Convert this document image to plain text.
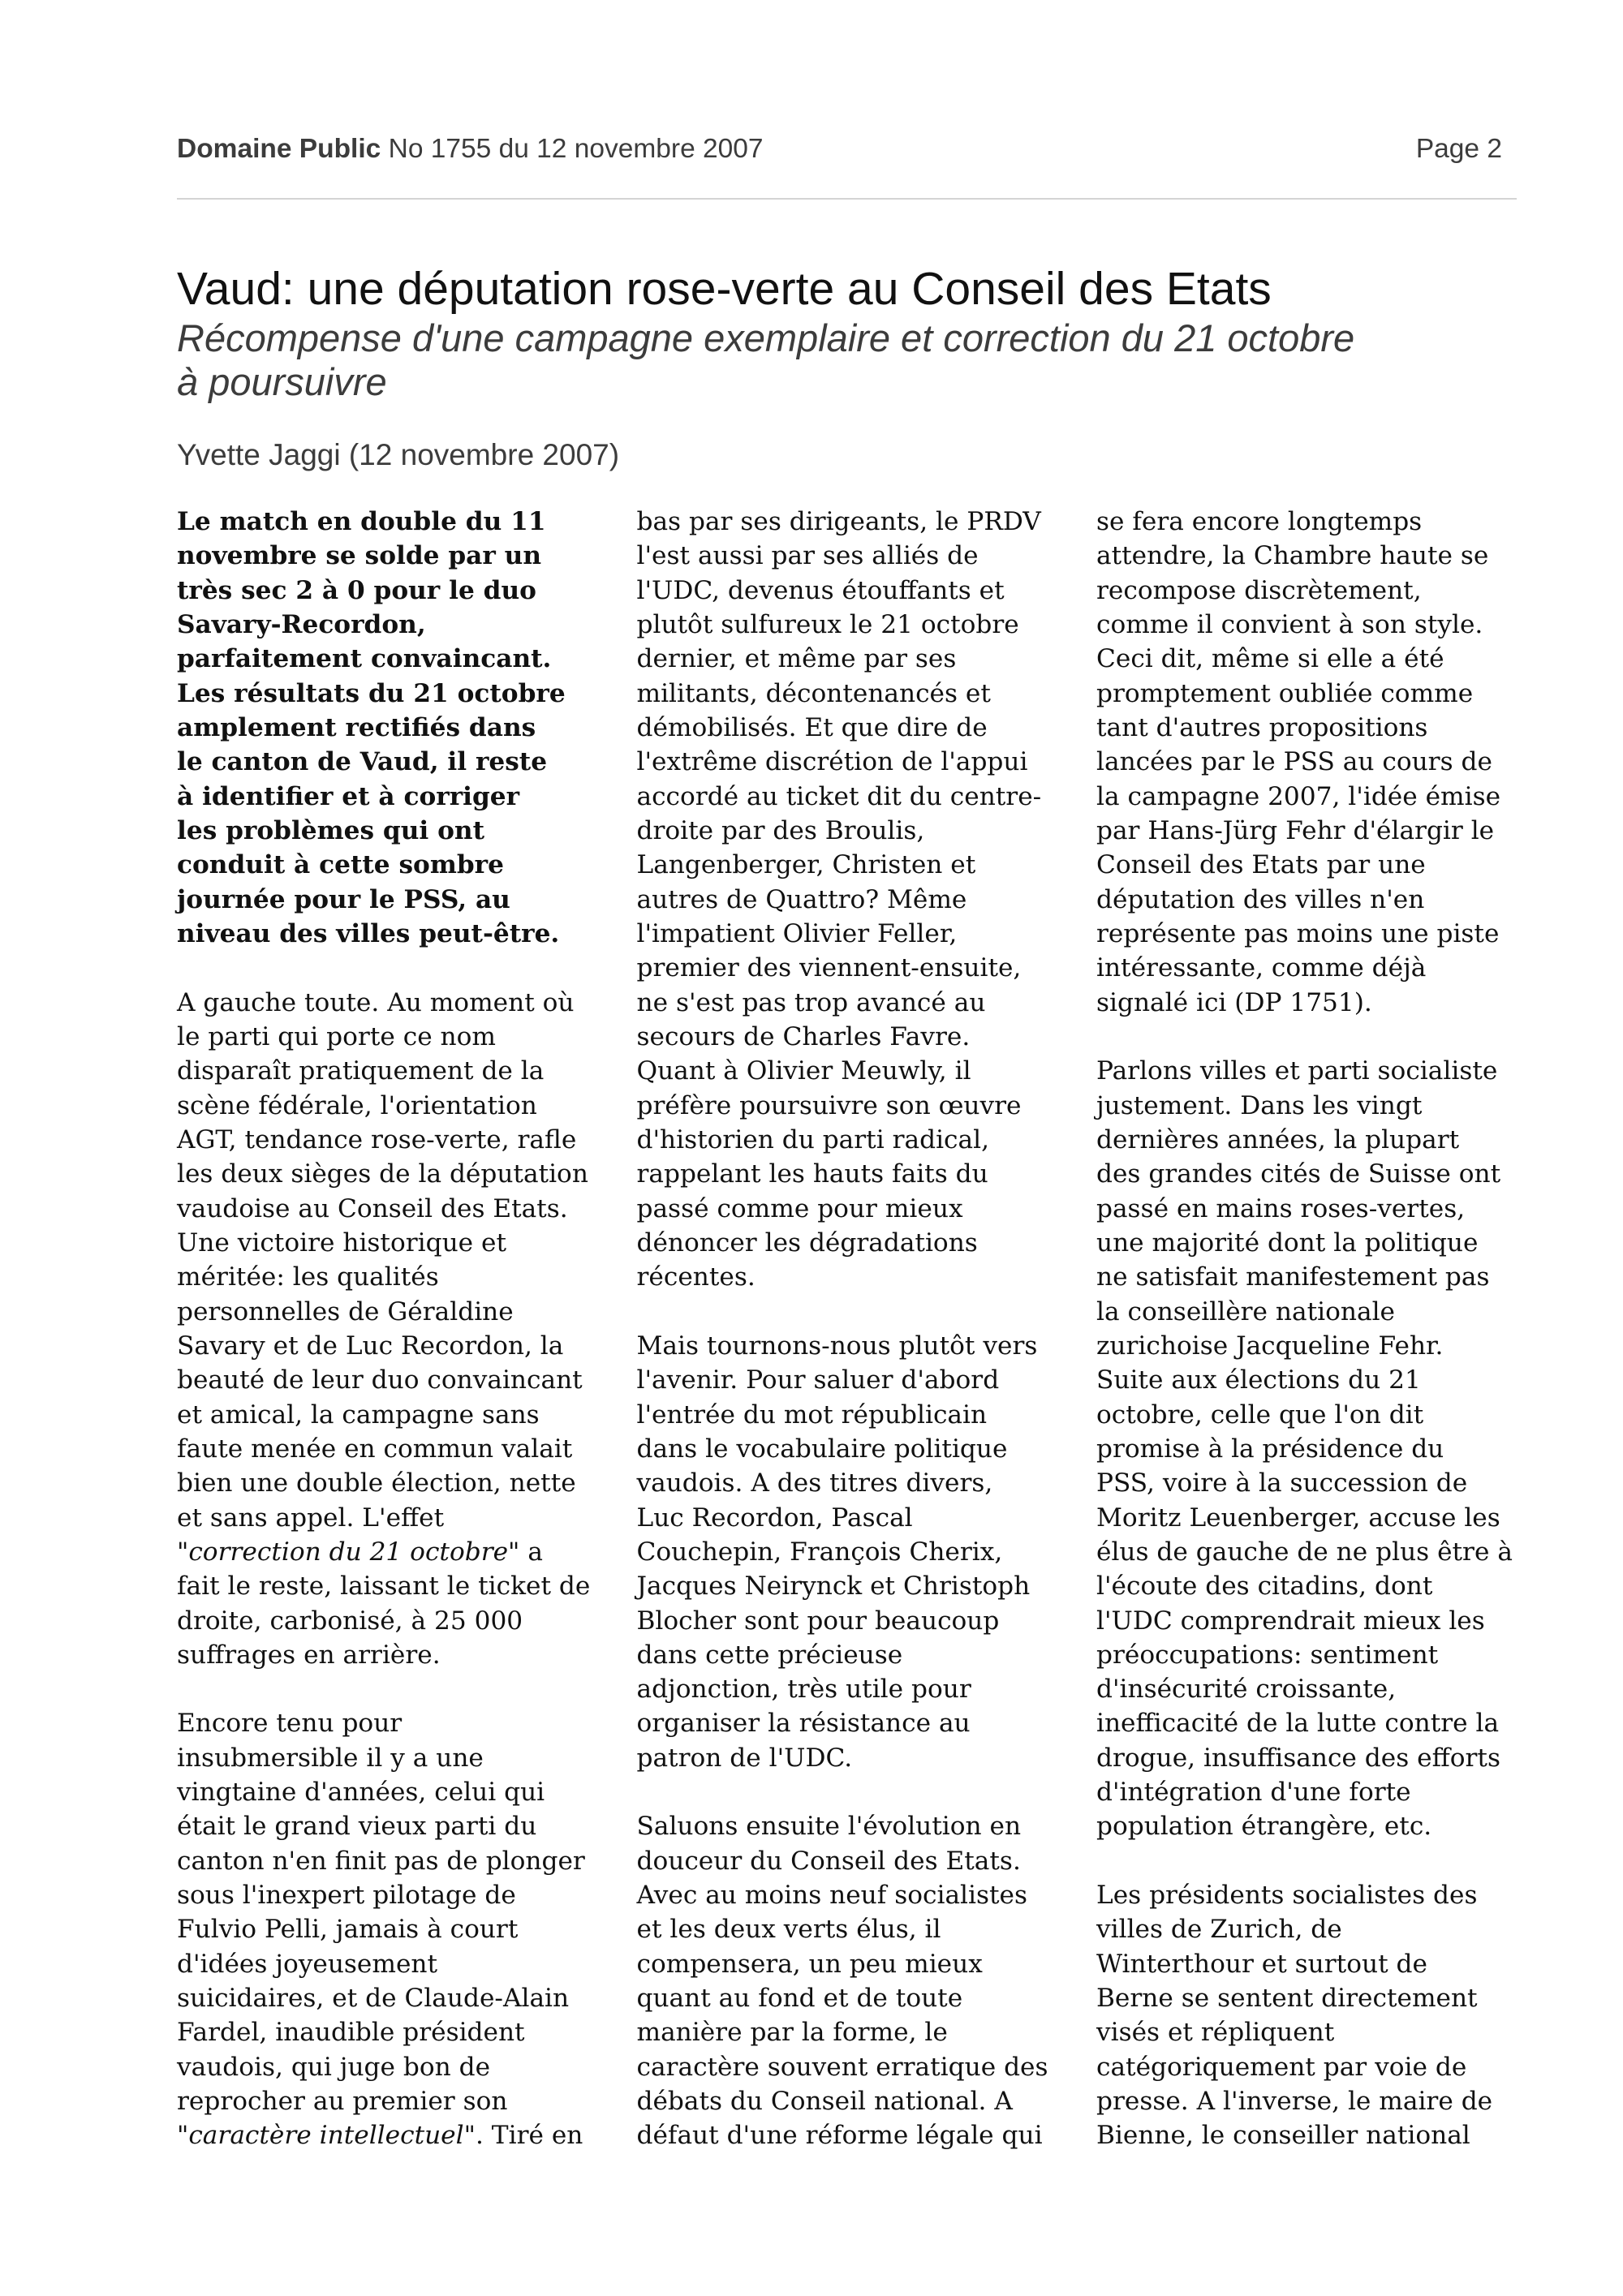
Domaine Public No 1755 du 12 novembre 2007	Page 2
Vaud: une députation rose-verte au Conseil des Etats
Récompense d'une campagne exemplaire et correction du 21 octobre
à poursuivre
Yvette Jaggi (12 novembre 2007)
Le match en double du 11
novembre se solde par un
très sec 2 à 0 pour le duo
Savary-Recordon,
parfaitement convaincant.
Les résultats du 21 octobre
amplement rectifiés dans
le canton de Vaud, il reste
à identifier et à corriger
les problèmes qui ont
conduit à cette sombre
journée pour le PSS, au
niveau des villes peut-être.
A gauche toute. Au moment où
le parti qui porte ce nom
disparaît pratiquement de la
scène fédérale, l'orientation
AGT, tendance rose-verte, rafle
les deux sièges de la députation
vaudoise au Conseil des Etats.
Une victoire historique et
méritée: les qualités
personnelles de Géraldine
Savary et de Luc Recordon, la
beauté de leur duo convaincant
et amical, la campagne sans
faute menée en commun valait
bien une double élection, nette
et sans appel. L'effet
"correction du 21 octobre" a
fait le reste, laissant le ticket de
droite, carbonisé, à 25 000
suffrages en arrière.
Encore tenu pour
insubmersible il y a une
vingtaine d'années, celui qui
était le grand vieux parti du
canton n'en finit pas de plonger
sous l'inexpert pilotage de
Fulvio Pelli, jamais à court
d'idées joyeusement
suicidaires, et de Claude-Alain
Fardel, inaudible président
vaudois, qui juge bon de
reprocher au premier son
"caractère intellectuel". Tiré en
bas par ses dirigeants, le PRDV
l'est aussi par ses alliés de
l'UDC, devenus étouffants et
plutôt sulfureux le 21 octobre
dernier, et même par ses
militants, décontenancés et
démobilisés. Et que dire de
l'extrême discrétion de l'appui
accordé au ticket dit du centre-
droite par des Broulis,
Langenberger, Christen et
autres de Quattro? Même
l'impatient Olivier Feller,
premier des viennent-ensuite,
ne s'est pas trop avancé au
secours de Charles Favre.
Quant à Olivier Meuwly, il
préfère poursuivre son œuvre
d'historien du parti radical,
rappelant les hauts faits du
passé comme pour mieux
dénoncer les dégradations
récentes.
Mais tournons-nous plutôt vers
l'avenir. Pour saluer d'abord
l'entrée du mot républicain
dans le vocabulaire politique
vaudois. A des titres divers,
Luc Recordon, Pascal
Couchepin, François Cherix,
Jacques Neirynck et Christoph
Blocher sont pour beaucoup
dans cette précieuse
adjonction, très utile pour
organiser la résistance au
patron de l'UDC.
Saluons ensuite l'évolution en
douceur du Conseil des Etats.
Avec au moins neuf socialistes
et les deux verts élus, il
compensera, un peu mieux
quant au fond et de toute
manière par la forme, le
caractère souvent erratique des
débats du Conseil national. A
défaut d'une réforme légale qui
se fera encore longtemps
attendre, la Chambre haute se
recompose discrètement,
comme il convient à son style.
Ceci dit, même si elle a été
promptement oubliée comme
tant d'autres propositions
lancées par le PSS au cours de
la campagne 2007, l'idée émise
par Hans-Jürg Fehr d'élargir le
Conseil des Etats par une
députation des villes n'en
représente pas moins une piste
intéressante, comme déjà
signalé ici (DP 1751).
Parlons villes et parti socialiste
justement. Dans les vingt
dernières années, la plupart
des grandes cités de Suisse ont
passé en mains roses-vertes,
une majorité dont la politique
ne satisfait manifestement pas
la conseillère nationale
zurichoise Jacqueline Fehr.
Suite aux élections du 21
octobre, celle que l'on dit
promise à la présidence du
PSS, voire à la succession de
Moritz Leuenberger, accuse les
élus de gauche de ne plus être à
l'écoute des citadins, dont
l'UDC comprendrait mieux les
préoccupations: sentiment
d'insécurité croissante,
inefficacité de la lutte contre la
drogue, insuffisance des efforts
d'intégration d'une forte
population étrangère, etc.
Les présidents socialistes des
villes de Zurich, de
Winterthour et surtout de
Berne se sentent directement
visés et répliquent
catégoriquement par voie de
presse. A l'inverse, le maire de
Bienne, le conseiller national
